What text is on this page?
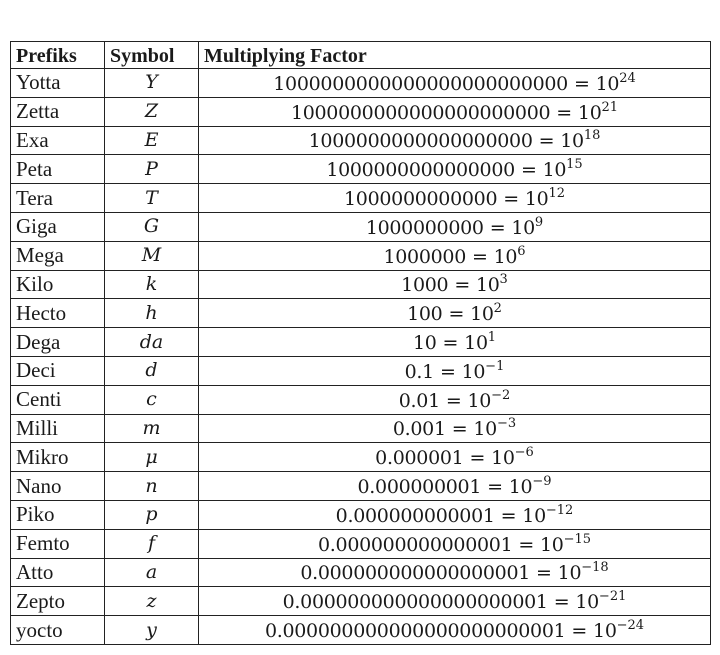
Prefiks	Symbol	Multiplying Factor
Yotta	Y	$1000000000000000000000000 = 10^{24}$
Zetta	Z	$1000000000000000000000 = 10^{21}$
Exa	E	$1000000000000000000 = 10^{18}$
Peta	P	$1000000000000000 = 10^{15}$
Tera	T	$1000000000000 = 10^{12}$
Giga	G	$1000000000 = 10^9$
Mega	M	$1000000 = 10^6$
Kilo	k	$1000 = 10^3$
Hecto	h	$100 = 10^2$
Dega	da	$10 = 10^1$
Deci	d	$0.1 = 10^{-1}$
Centi	c	$0.01 = 10^{-2}$
Milli	m	$0.001 = 10^{-3}$
Mikro	μ	$0.000001 = 10^{-6}$
Nano	n	$0.000000001 = 10^{-9}$
Piko	p	$0.000000000001 = 10^{-12}$
Femto	f	$0.000000000000001 = 10^{-15}$
Atto	a	$0.000000000000000001 = 10^{-18}$
Zepto	z	$0.000000000000000000001 = 10^{-21}$
yocto	y	$0.000000000000000000000001 = 10^{-24}$
